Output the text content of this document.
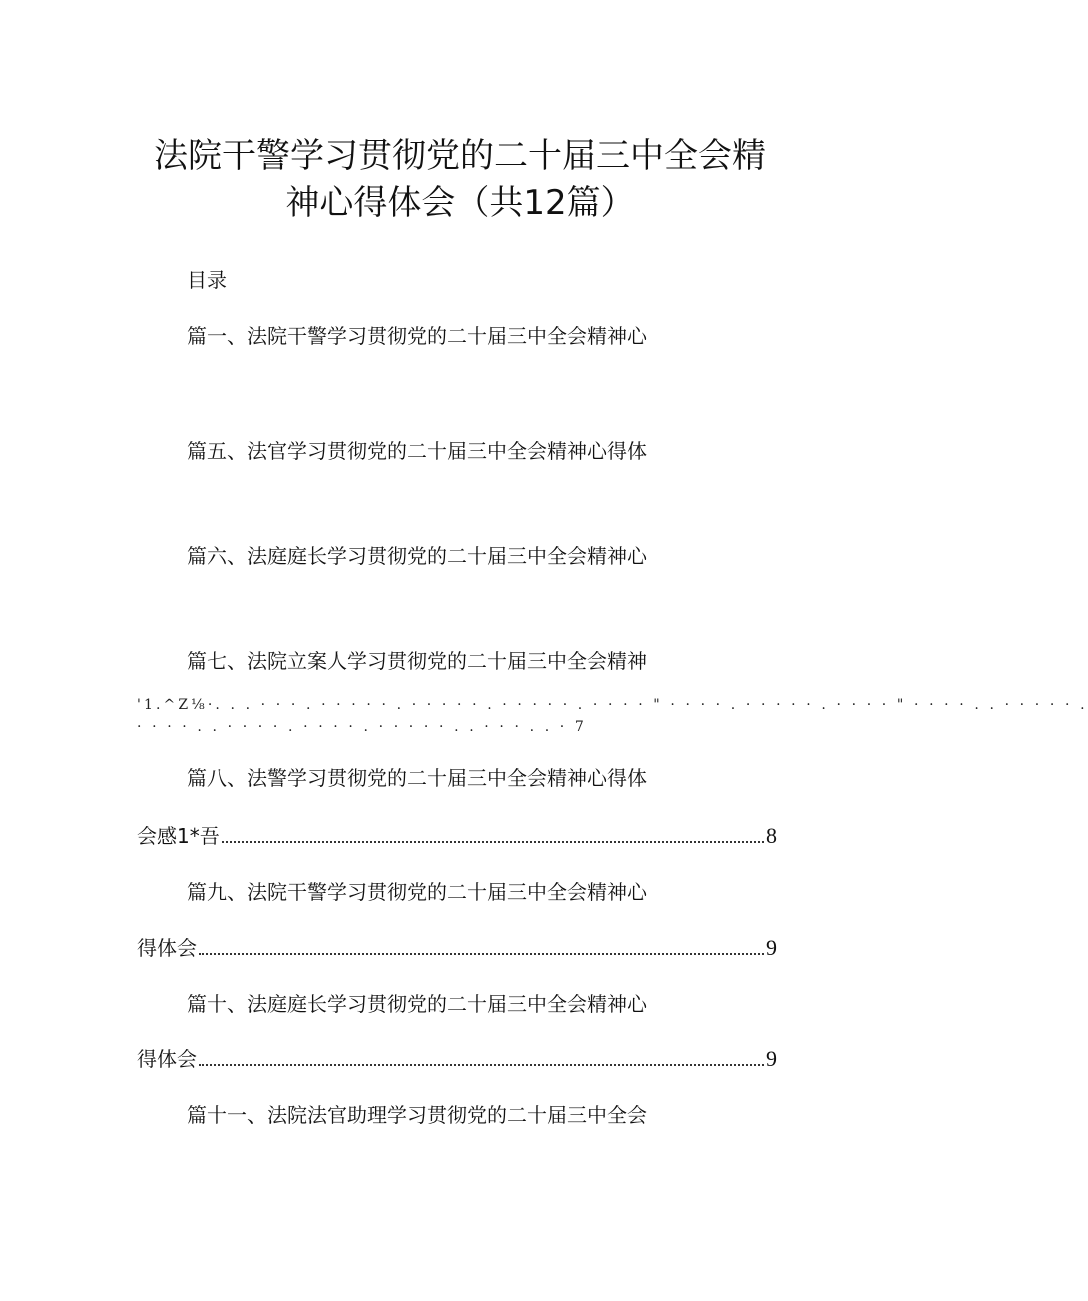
法院干警学习贯彻党的二十届三中全会精
神心得体会（共12篇）
目录
篇一、法院干警学习贯彻党的二十届三中全会精神心
篇五、法官学习贯彻党的二十届三中全会精神心得体
篇六、法庭庭长学习贯彻党的二十届三中全会精神心
篇七、法院立案人学习贯彻党的二十届三中全会精神
'1.^Z⅛·. . . · · · . · · · · · . · · · · · . · · · · · . · · · · " · · · · . · · · · · . · · · · " · · · · . . · · · · · .
· · · · . . · · · · . · · · · . · · · · · . . · · · . . · 7
篇八、法警学习贯彻党的二十届三中全会精神心得体
会感1*吾	8
篇九、法院干警学习贯彻党的二十届三中全会精神心
得体会	9
篇十、法庭庭长学习贯彻党的二十届三中全会精神心
得体会	9
篇十一、法院法官助理学习贯彻党的二十届三中全会
